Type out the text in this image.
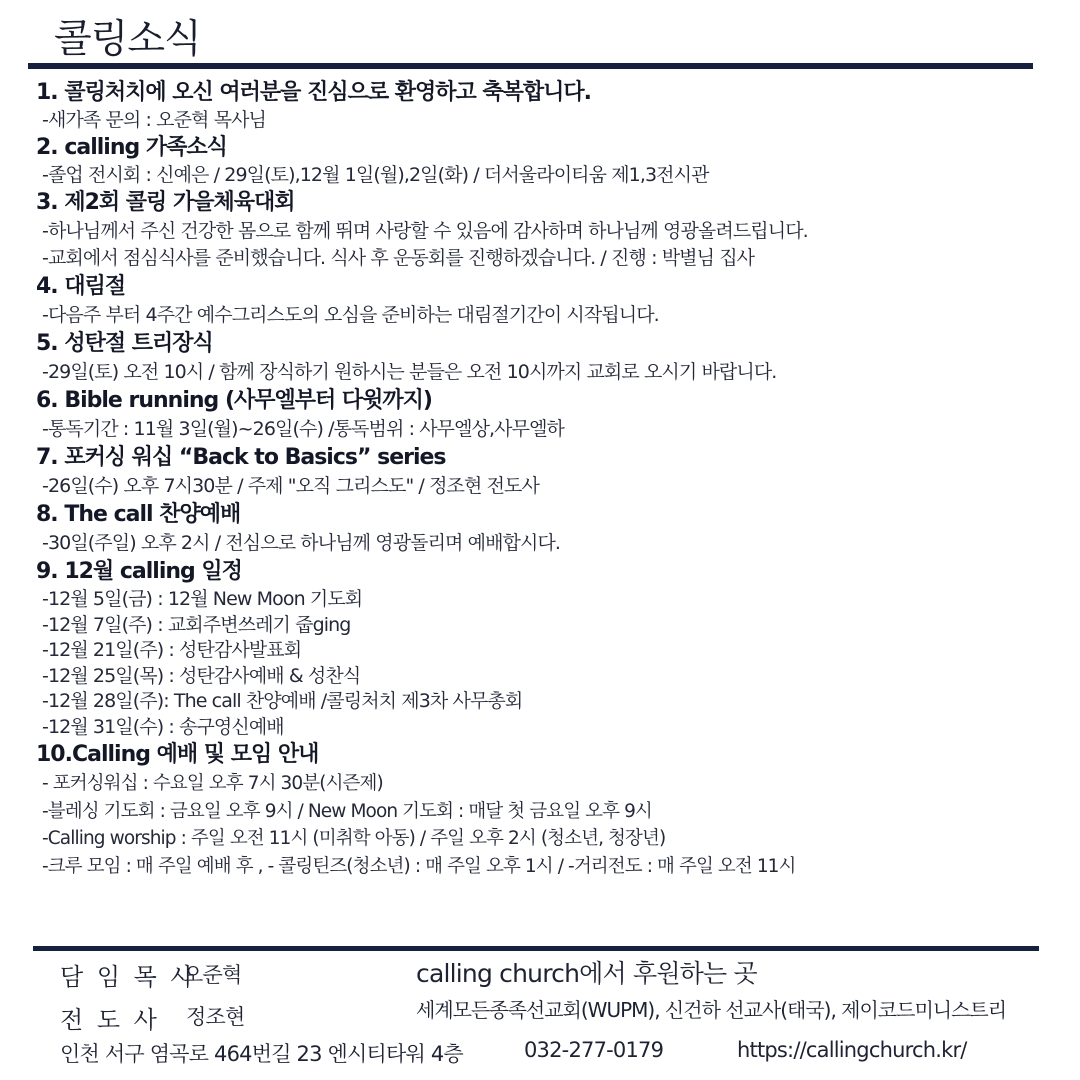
콜링소식
1. 콜링처치에 오신 여러분을 진심으로 환영하고 축복합니다.
-새가족 문의 : 오준혁 목사님
2. calling 가족소식
-졸업 전시회 : 신예은 / 29일(토),12월 1일(월),2일(화) / 더서울라이티움 제1,3전시관
3. 제2회 콜링 가을체육대회
-하나님께서 주신 건강한 몸으로 함께 뛰며 사랑할 수 있음에 감사하며 하나님께 영광올려드립니다.
-교회에서 점심식사를 준비했습니다. 식사 후 운동회를 진행하겠습니다. / 진행 : 박별님 집사
4. 대림절
-다음주 부터 4주간 예수그리스도의 오심을 준비하는 대림절기간이 시작됩니다.
5. 성탄절 트리장식
-29일(토) 오전 10시 / 함께 장식하기 원하시는 분들은 오전 10시까지 교회로 오시기 바랍니다.
6. Bible running (사무엘부터 다윗까지)
-통독기간 : 11월 3일(월)~26일(수) /통독범위 : 사무엘상,사무엘하
7. 포커싱 워십 “Back to Basics” series
-26일(수) 오후 7시30분 / 주제 "오직 그리스도" / 정조현 전도사
8. The call 찬양예배
-30일(주일) 오후 2시 / 전심으로 하나님께 영광돌리며 예배합시다.
9. 12월 calling 일정
-12월 5일(금) : 12월 New Moon 기도회
-12월 7일(주) : 교회주변쓰레기 줍ging
-12월 21일(주) : 성탄감사발표회
-12월 25일(목) : 성탄감사예배 & 성찬식
-12월 28일(주): The call 찬양예배 /콜링처치 제3차 사무총회
-12월 31일(수) : 송구영신예배
10.Calling 예배 및 모임 안내
- 포커싱워십 : 수요일 오후 7시 30분(시즌제)
-블레싱 기도회 : 금요일 오후 9시 / New Moon 기도회 : 매달 첫 금요일 오후 9시
-Calling worship : 주일 오전 11시 (미취학 아동) / 주일 오후 2시 (청소년, 청장년)
-크루 모임 : 매 주일 예배 후 , - 콜링틴즈(청소년) : 매 주일 오후 1시 / -거리전도 : 매 주일 오전 11시
담 임 목 사
오준혁
전 도 사 정조현
calling church에서 후원하는 곳
세계모든종족선교회(WUPM), 신건하 선교사(태국), 제이코드미니스트리
인천 서구 염곡로 464번길 23 엔시티타워 4층	032-277-0179	https://callingchurch.kr/
